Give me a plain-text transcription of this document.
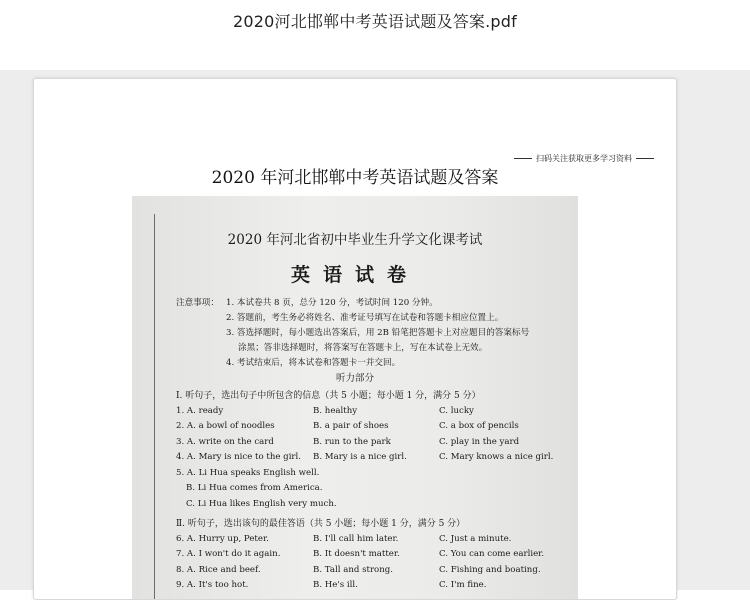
2020河北邯郸中考英语试题及答案.pdf
扫码关注获取更多学习资料
2020 年河北邯郸中考英语试题及答案
2020 年河北省初中毕业生升学文化课考试
英语试卷
注意事项： 1. 本试卷共 8 页，总分 120 分，考试时间 120 分钟。
2. 答题前，考生务必将姓名、准考证号填写在试卷和答题卡相应位置上。
3. 答选择题时，每小题选出答案后，用 2B 铅笔把答题卡上对应题目的答案标号
涂黑；答非选择题时，将答案写在答题卡上，写在本试卷上无效。
4. 考试结束后，将本试卷和答题卡一并交回。
听力部分
Ⅰ. 听句子，选出句子中所包含的信息（共 5 小题；每小题 1 分，满分 5 分）
1. A. ready	B. healthy	C. lucky
2. A. a bowl of noodles	B. a pair of shoes	C. a box of pencils
3. A. write on the card	B. run to the park	C. play in the yard
4. A. Mary is nice to the girl.	B. Mary is a nice girl.	C. Mary knows a nice girl.
5. A. Li Hua speaks English well.
B. Li Hua comes from America.
C. Li Hua likes English very much.
Ⅱ. 听句子，选出该句的最佳答语（共 5 小题；每小题 1 分，满分 5 分）
6. A. Hurry up, Peter.	B. I'll call him later.	C. Just a minute.
7. A. I won't do it again.	B. It doesn't matter.	C. You can come earlier.
8. A. Rice and beef.	B. Tall and strong.	C. Fishing and boating.
9. A. It's too hot.	B. He's ill.	C. I'm fine.
